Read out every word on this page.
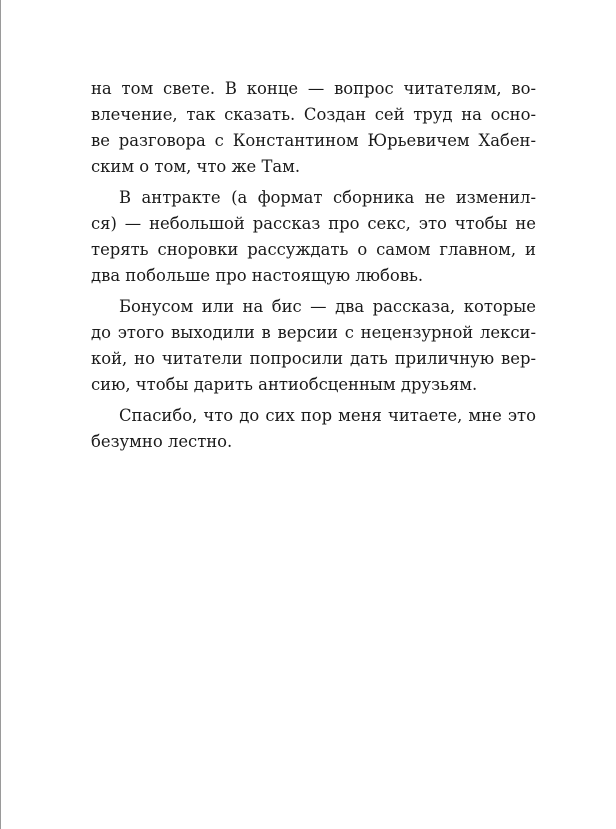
на том свете. В конце — вопрос читателям, во-
влечение, так сказать. Создан сей труд на осно-
ве разговора с Константином Юрьевичем Хабен-
ским о том, что же Там.
В антракте (а формат сборника не изменил-
ся) — небольшой рассказ про секс, это чтобы не
терять сноровки рассуждать о самом главном, и
два побольше про настоящую любовь.
Бонусом или на бис — два рассказа, которые
до этого выходили в версии с нецензурной лекси-
кой, но читатели попросили дать приличную вер-
сию, чтобы дарить антиобсценным друзьям.
Спасибо, что до сих пор меня читаете, мне это
безумно лестно.
